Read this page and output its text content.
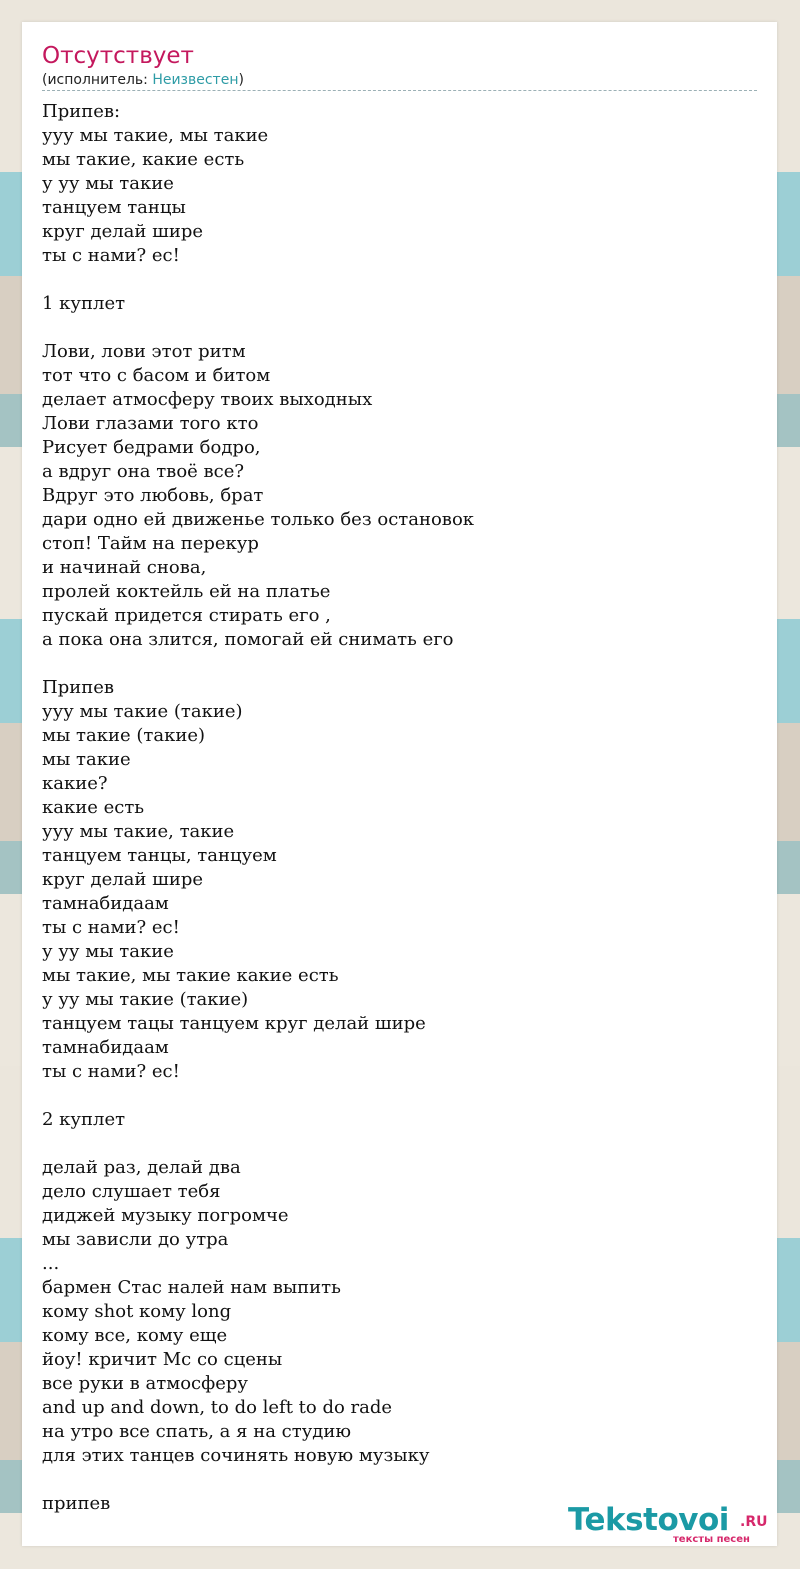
Отсутствует
(исполнитель: Неизвестен)
Припев:
ууу мы такие, мы такие
мы такие, какие есть
у уу мы такие
танцуем танцы
круг делай шире
ты с нами? ес!

1 куплет

Лови, лови этот ритм
тот что с басом и битом
делает атмосферу твоих выходных
Лови глазами того кто
Рисует бедрами бодро,
а вдруг она твоё все?
Вдруг это любовь, брат
дари одно ей движенье только без остановок
стоп! Тайм на перекур
и начинай снова,
пролей коктейль ей на платье
пускай придется стирать его ,
а пока она злится, помогай ей снимать его

Припев
ууу мы такие (такие)
мы такие (такие)
мы такие
какие?
какие есть
ууу мы такие, такие
танцуем танцы, танцуем
круг делай шире
тамнабидаам
ты с нами? ес!
у уу мы такие
мы такие, мы такие какие есть
у уу мы такие (такие)
танцуем тацы танцуем круг делай шире
тамнабидаам
ты с нами? ес!

2 куплет

делай раз, делай два
дело слушает тебя
диджей музыку погромче
мы зависли до утра
...
бармен Стас налей нам выпить
кому shot кому long
кому все, кому еще
йоу! кричит Мс со сцены
все руки в атмосферу
and up and down, to do left to do rade
на утро все спать, а я на студию
для этих танцев сочинять новую музыку

припев	Tekstovoi .RU
тексты песен
